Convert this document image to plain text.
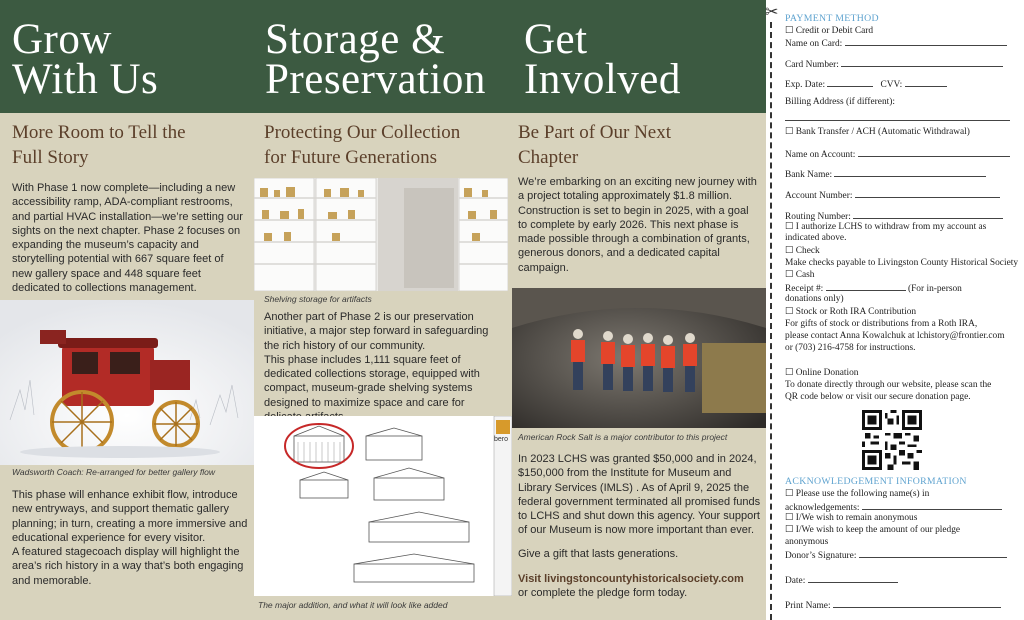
Grow
With Us
Storage &
Preservation
Get
Involved
More Room to Tell the
Full Story

With Phase 1 now complete—including a new accessibility ramp, ADA-compliant restrooms, and partial HVAC installation—we’re setting our sights on the next chapter. Phase 2 focuses on expanding the museum’s capacity and storytelling potential with 667 square feet of new gallery space and 448 square feet dedicated to collections management.

Wadsworth Coach: Re-arranged for better gallery flow

This phase will enhance exhibit flow, introduce new entryways, and support thematic gallery planning; in turn, creating a more immersive and educational experience for every visitor.

A featured stagecoach display will highlight the area’s rich history in a way that’s both engaging and memorable.

Protecting Our Collection
for Future Generations
Shelving storage for artifacts

Another part of Phase 2 is our preservation initiative, a major step forward in safeguarding the rich history of our community.

This phase includes 1,111 square feet of dedicated collections storage, equipped with compact, museum-grade shelving systems designed to maximize space and care for

bero
The major addition, and what it will look like added
Be Part of Our Next
Chapter

We’re embarking on an exciting new journey with a project totaling approximately $1.8 million. Construction is set to begin in 2025, with a goal to complete by early 2026. This next phase is made possible through a combination of grants, generous donors, and a dedicated capital campaign.

American Rock Salt is a major contributor to this project

In 2023 LCHS was granted $50,000 and in 2024, $150,000 from the Institute for Museum and Library Services (IMLS) . As of April 9, 2025 the federal government terminated all promised funds to LCHS and shut down this agency. Your support of our Museum is now more important than ever.

Give a gift that lasts generations.
Visit livingstoncountyhistoricalsociety.com
or complete the pledge form today.
✂ PAYMENT METHOD
☐ Credit or Debit Card
Name on Card:
Card Number:
Exp. Date:	CVV:
Billing Address (if different):
☐ Bank Transfer / ACH (Automatic Withdrawal)
Name on Account:
Bank Name:
Account Number:
Routing Number:
☐ I authorize LCHS to withdraw from my account as
indicated above.
☐ Check
Make checks payable to Livingston County Historical Society
☐ Cash
Receipt #:	(For in-person
donations only)
☐ Stock or Roth IRA Contribution
For gifts of stock or distributions from a Roth IRA,
please contact Anna Kowalchuk at lchistory@frontier.com
or (703) 216-4758 for instructions.
☐ Online Donation
To donate directly through our website, please scan the
QR code below or visit our secure donation page.
ACKNOWLEDGEMENT INFORMATION
☐ Please use the following name(s) in
acknowledgements:
☐ I/We wish to remain anonymous
☐ I/We wish to keep the amount of our pledge
anonymous
Donor’s Signature:
Date:
Print Name:
